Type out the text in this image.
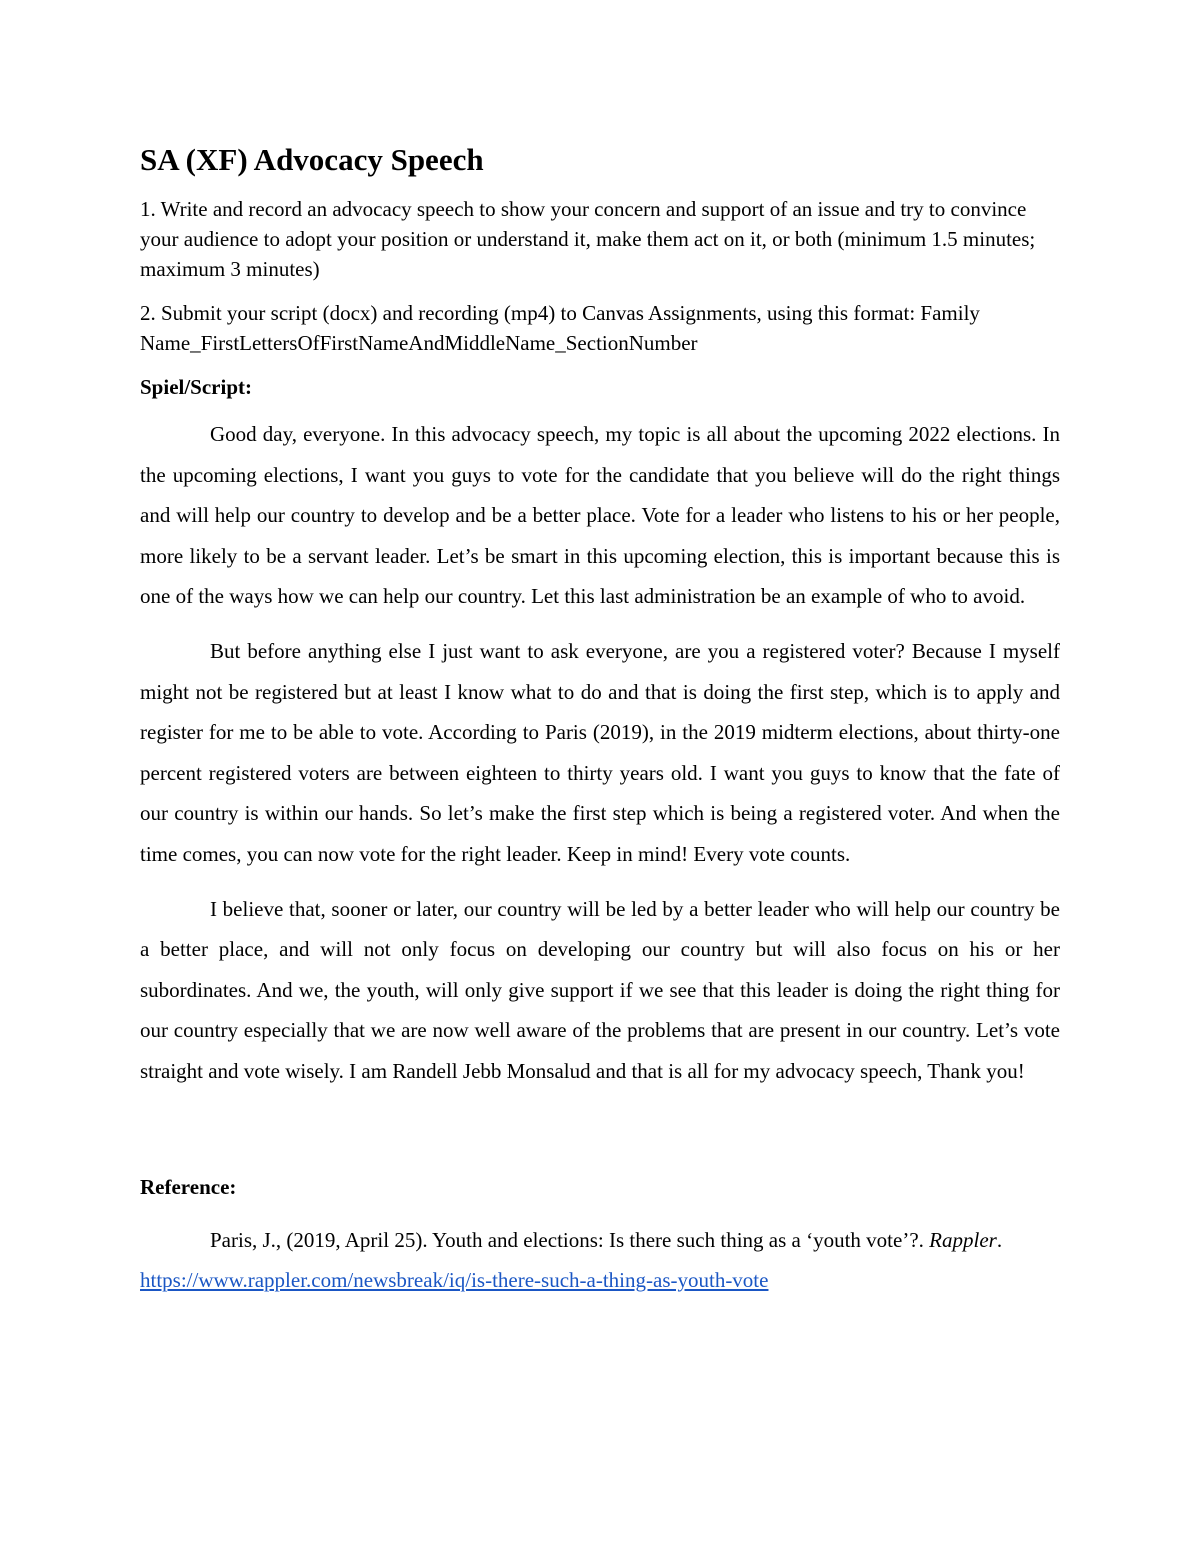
SA (XF) Advocacy Speech

1. Write and record an advocacy speech to show your concern and support of an issue and try to convince your audience to adopt your position or understand it, make them act on it, or both (minimum 1.5 minutes; maximum 3 minutes)

2. Submit your script (docx) and recording (mp4) to Canvas Assignments, using this format: Family Name_FirstLettersOfFirstNameAndMiddleName_SectionNumber

Spiel/Script:

Good day, everyone. In this advocacy speech, my topic is all about the upcoming 2022 elections. In the upcoming elections, I want you guys to vote for the candidate that you believe will do the right things and will help our country to develop and be a better place. Vote for a leader who listens to his or her people, more likely to be a servant leader. Let’s be smart in this upcoming election, this is important because this is one of the ways how we can help our country. Let this last administration be an example of who to avoid.

But before anything else I just want to ask everyone, are you a registered voter? Because I myself might not be registered but at least I know what to do and that is doing the first step, which is to apply and register for me to be able to vote. According to Paris (2019), in the 2019 midterm elections, about thirty-one percent registered voters are between eighteen to thirty years old. I want you guys to know that the fate of our country is within our hands. So let’s make the first step which is being a registered voter. And when the time comes, you can now vote for the right leader. Keep in mind! Every vote counts.

I believe that, sooner or later, our country will be led by a better leader who will help our country be a better place, and will not only focus on developing our country but will also focus on his or her subordinates. And we, the youth, will only give support if we see that this leader is doing the right thing for our country especially that we are now well aware of the problems that are present in our country. Let’s vote straight and vote wisely. I am Randell Jebb Monsalud and that is all for my advocacy speech, Thank you!

Reference:

Paris, J., (2019, April 25). Youth and elections: Is there such thing as a ‘youth vote’?. Rappler. https://www.rappler.com/newsbreak/iq/is-there-such-a-thing-as-youth-vote
